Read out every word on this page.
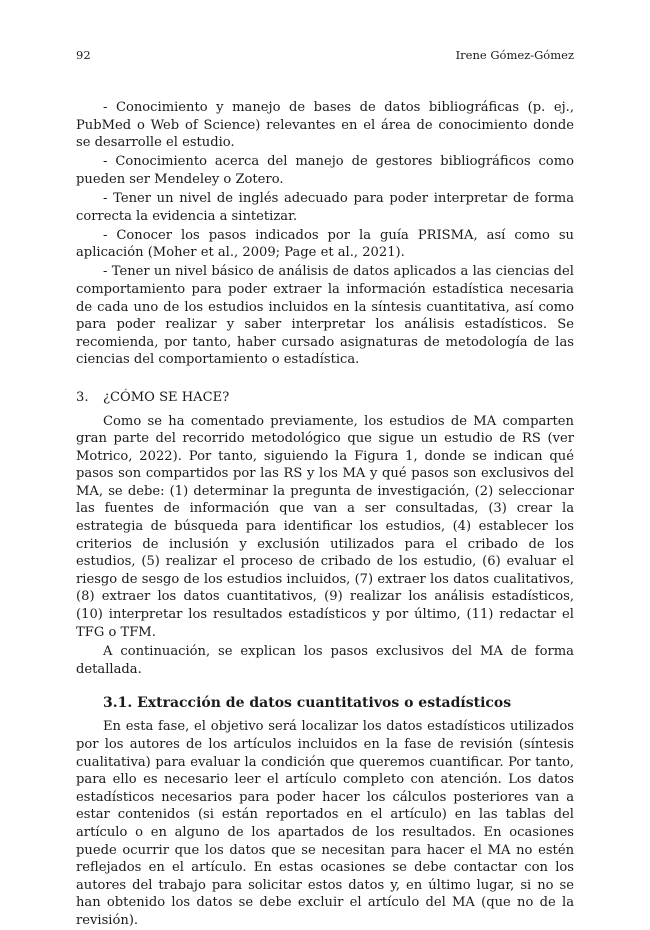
92	Irene Gómez-Gómez

- Conocimiento y manejo de bases de datos bibliográficas (p. ej., PubMed o Web of Science) relevantes en el área de conocimiento donde se desarrolle el estudio.

- Conocimiento acerca del manejo de gestores bibliográficos como pueden ser Mendeley o Zotero.

- Tener un nivel de inglés adecuado para poder interpretar de forma correcta la evidencia a sintetizar.

- Conocer los pasos indicados por la guía PRISMA, así como su aplicación (Moher et al., 2009; Page et al., 2021).

- Tener un nivel básico de análisis de datos aplicados a las ciencias del comportamiento para poder extraer la información estadística necesaria de cada uno de los estudios incluidos en la síntesis cuantitativa, así como para poder realizar y saber interpretar los análisis estadísticos. Se recomienda, por tanto, haber cursado asignaturas de metodología de las ciencias del comportamiento o estadística.

3. ¿CÓMO SE HACE?

Como se ha comentado previamente, los estudios de MA comparten gran parte del recorrido metodológico que sigue un estudio de RS (ver Motrico, 2022). Por tanto, siguiendo la Figura 1, donde se indican qué pasos son compartidos por las RS y los MA y qué pasos son exclusivos del MA, se debe: (1) determinar la pregunta de investigación, (2) seleccionar las fuentes de información que van a ser consultadas, (3) crear la estrategia de búsqueda para identificar los estudios, (4) establecer los criterios de inclusión y exclusión utilizados para el cribado de los estudios, (5) realizar el proceso de cribado de los estudio, (6) evaluar el riesgo de sesgo de los estudios incluidos, (7) extraer los datos cualitativos, (8) extraer los datos cuantitativos, (9) realizar los análisis estadísticos, (10) interpretar los resultados estadísticos y por último, (11) redactar el TFG o TFM.

A continuación, se explican los pasos exclusivos del MA de forma detallada.

3.1. Extracción de datos cuantitativos o estadísticos

En esta fase, el objetivo será localizar los datos estadísticos utilizados por los autores de los artículos incluidos en la fase de revisión (síntesis cualitativa) para evaluar la condición que queremos cuantificar. Por tanto, para ello es necesario leer el artículo completo con atención. Los datos estadísticos necesarios para poder hacer los cálculos posteriores van a estar contenidos (si están reportados en el artículo) en las tablas del artículo o en alguno de los apartados de los resultados. En ocasiones puede ocurrir que los datos que se necesitan para hacer el MA no estén reflejados en el artículo. En estas ocasiones se debe contactar con los autores del trabajo para solicitar estos datos y, en último lugar, si no se han obtenido los datos se debe excluir el artículo del MA (que no de la revisión).
